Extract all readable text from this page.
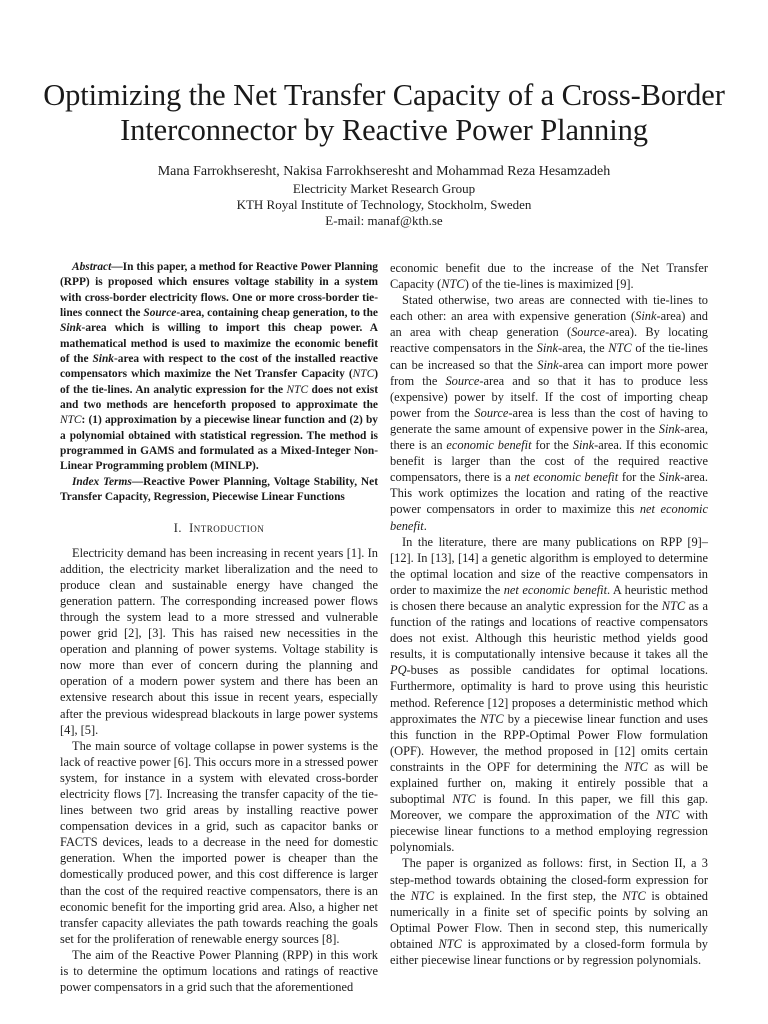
Optimizing the Net Transfer Capacity of a Cross-Border Interconnector by Reactive Power Planning
Mana Farrokhseresht, Nakisa Farrokhseresht and Mohammad Reza Hesamzadeh
Electricity Market Research Group
KTH Royal Institute of Technology, Stockholm, Sweden
E-mail: manaf@kth.se

Abstract—In this paper, a method for Reactive Power Planning (RPP) is proposed which ensures voltage stability in a system with cross-border electricity flows. One or more cross-border tie-lines connect the Source-area, containing cheap generation, to the Sink-area which is willing to import this cheap power. A mathematical method is used to maximize the economic benefit of the Sink-area with respect to the cost of the installed reactive compensators which maximize the Net Transfer Capacity (NTC) of the tie-lines. An analytic expression for the NTC does not exist and two methods are henceforth proposed to approximate the NTC: (1) approximation by a piecewise linear function and (2) by a polynomial obtained with statistical regression. The method is programmed in GAMS and formulated as a Mixed-Integer Non-Linear Programming problem (MINLP).

Index Terms—Reactive Power Planning, Voltage Stability, Net Transfer Capacity, Regression, Piecewise Linear Functions

I. Introduction

Electricity demand has been increasing in recent years [1]. In addition, the electricity market liberalization and the need to produce clean and sustainable energy have changed the generation pattern. The corresponding increased power flows through the system lead to a more stressed and vulnerable power grid [2], [3]. This has raised new necessities in the operation and planning of power systems. Voltage stability is now more than ever of concern during the planning and operation of a modern power system and there has been an extensive research about this issue in recent years, especially after the previous widespread blackouts in large power systems [4], [5].

The main source of voltage collapse in power systems is the lack of reactive power [6]. This occurs more in a stressed power system, for instance in a system with elevated cross-border electricity flows [7]. Increasing the transfer capacity of the tie-lines between two grid areas by installing reactive power compensation devices in a grid, such as capacitor banks or FACTS devices, leads to a decrease in the need for domestic generation. When the imported power is cheaper than the domestically produced power, and this cost difference is larger than the cost of the required reactive compensators, there is an economic benefit for the importing grid area. Also, a higher net transfer capacity alleviates the path towards reaching the goals set for the proliferation of renewable energy sources [8].

The aim of the Reactive Power Planning (RPP) in this work is to determine the optimum locations and ratings of reactive power compensators in a grid such that the aforementioned

economic benefit due to the increase of the Net Transfer Capacity (NTC) of the tie-lines is maximized [9].

Stated otherwise, two areas are connected with tie-lines to each other: an area with expensive generation (Sink-area) and an area with cheap generation (Source-area). By locating reactive compensators in the Sink-area, the NTC of the tie-lines can be increased so that the Sink-area can import more power from the Source-area and so that it has to produce less (expensive) power by itself. If the cost of importing cheap power from the Source-area is less than the cost of having to generate the same amount of expensive power in the Sink-area, there is an economic benefit for the Sink-area. If this economic benefit is larger than the cost of the required reactive compensators, there is a net economic benefit for the Sink-area. This work optimizes the location and rating of the reactive power compensators in order to maximize this net economic benefit.

In the literature, there are many publications on RPP [9]–[12]. In [13], [14] a genetic algorithm is employed to determine the optimal location and size of the reactive compensators in order to maximize the net economic benefit. A heuristic method is chosen there because an analytic expression for the NTC as a function of the ratings and locations of reactive compensators does not exist. Although this heuristic method yields good results, it is computationally intensive because it takes all the PQ-buses as possible candidates for optimal locations. Furthermore, optimality is hard to prove using this heuristic method. Reference [12] proposes a deterministic method which approximates the NTC by a piecewise linear function and uses this function in the RPP-Optimal Power Flow formulation (OPF). However, the method proposed in [12] omits certain constraints in the OPF for determining the NTC as will be explained further on, making it entirely possible that a suboptimal NTC is found. In this paper, we fill this gap. Moreover, we compare the approximation of the NTC with piecewise linear functions to a method employing regression polynomials.

The paper is organized as follows: first, in Section II, a 3 step-method towards obtaining the closed-form expression for the NTC is explained. In the first step, the NTC is obtained numerically in a finite set of specific points by solving an Optimal Power Flow. Then in second step, this numerically obtained NTC is approximated by a closed-form formula by either piecewise linear functions or by regression polynomials.
